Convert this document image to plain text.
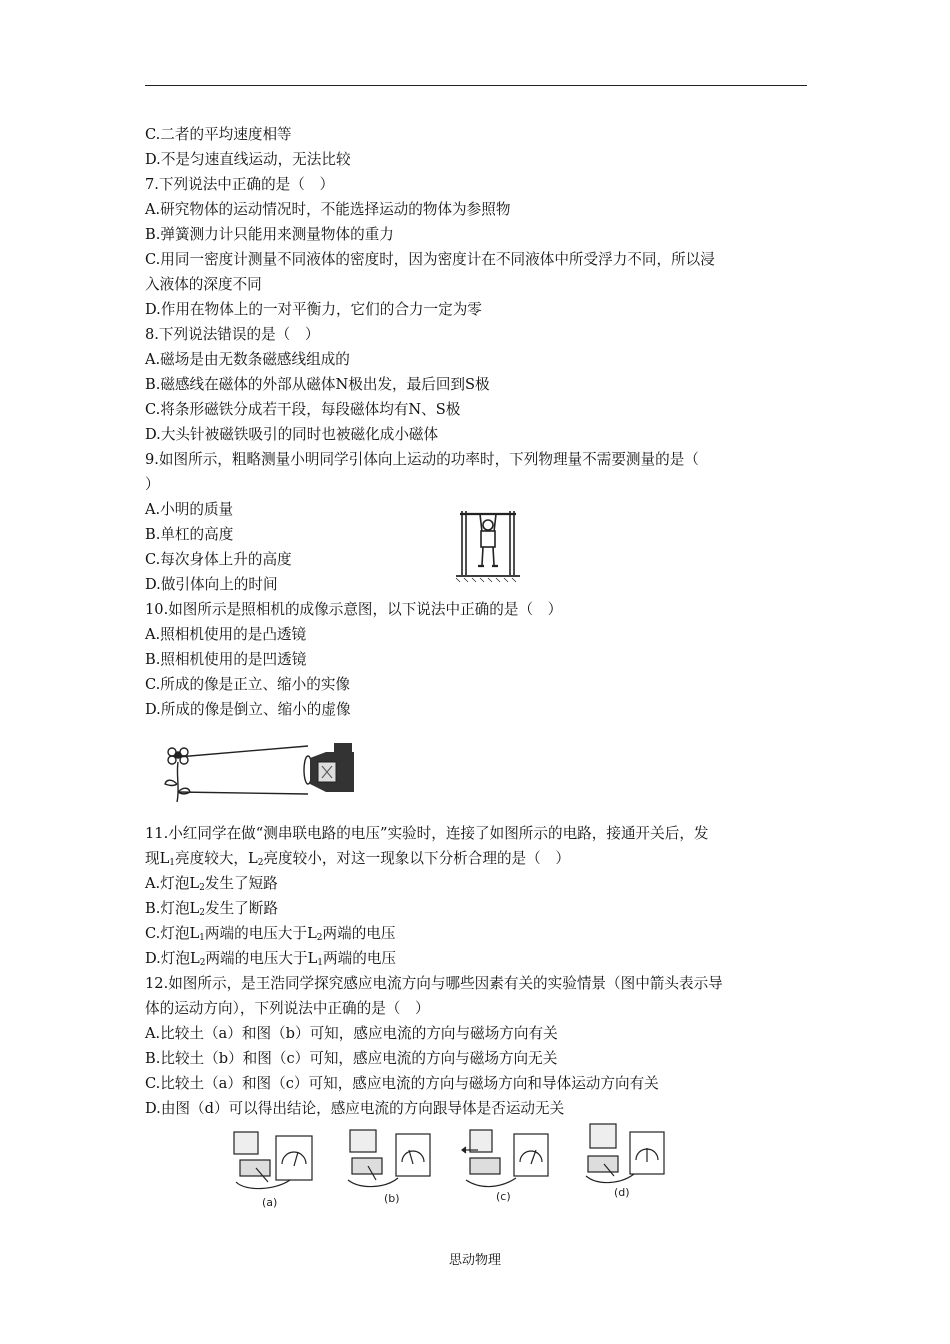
C.二者的平均速度相等
D.不是匀速直线运动，无法比较
7.下列说法中正确的是（　）
A.研究物体的运动情况时，不能选择运动的物体为参照物
B.弹簧测力计只能用来测量物体的重力
C.用同一密度计测量不同液体的密度时，因为密度计在不同液体中所受浮力不同，所以浸
入液体的深度不同
D.作用在物体上的一对平衡力，它们的合力一定为零
8.下列说法错误的是（　）
A.磁场是由无数条磁感线组成的
B.磁感线在磁体的外部从磁体N极出发，最后回到S极
C.将条形磁铁分成若干段，每段磁体均有N、S极
D.大头针被磁铁吸引的同时也被磁化成小磁体
9.如图所示，粗略测量小明同学引体向上运动的功率时，下列物理量不需要测量的是（
）
A.小明的质量
B.单杠的高度
C.每次身体上升的高度
D.做引体向上的时间
10.如图所示是照相机的成像示意图，以下说法中正确的是（　）
A.照相机使用的是凸透镜
B.照相机使用的是凹透镜
C.所成的像是正立、缩小的实像
D.所成的像是倒立、缩小的虚像
11.小红同学在做“测串联电路的电压”实验时，连接了如图所示的电路，接通开关后，发
现$L_1$亮度较大，$L_2$亮度较小，对这一现象以下分析合理的是（　）
A.灯泡$L_2$发生了短路
B.灯泡$L_2$发生了断路
C.灯泡$L_1$两端的电压大于$L_2$两端的电压
D.灯泡$L_2$两端的电压大于$L_1$两端的电压
12.如图所示，是王浩同学探究感应电流方向与哪些因素有关的实验情景（图中箭头表示导
体的运动方向），下列说法中正确的是（　）
A.比较土（a）和图（b）可知，感应电流的方向与磁场方向有关
B.比较土（b）和图（c）可知，感应电流的方向与磁场方向无关
C.比较土（a）和图（c）可知，感应电流的方向与磁场方向和导体运动方向有关
D.由图（d）可以得出结论，感应电流的方向跟导体是否运动无关
(a)	(b)	(c)	(d)
思动物理
